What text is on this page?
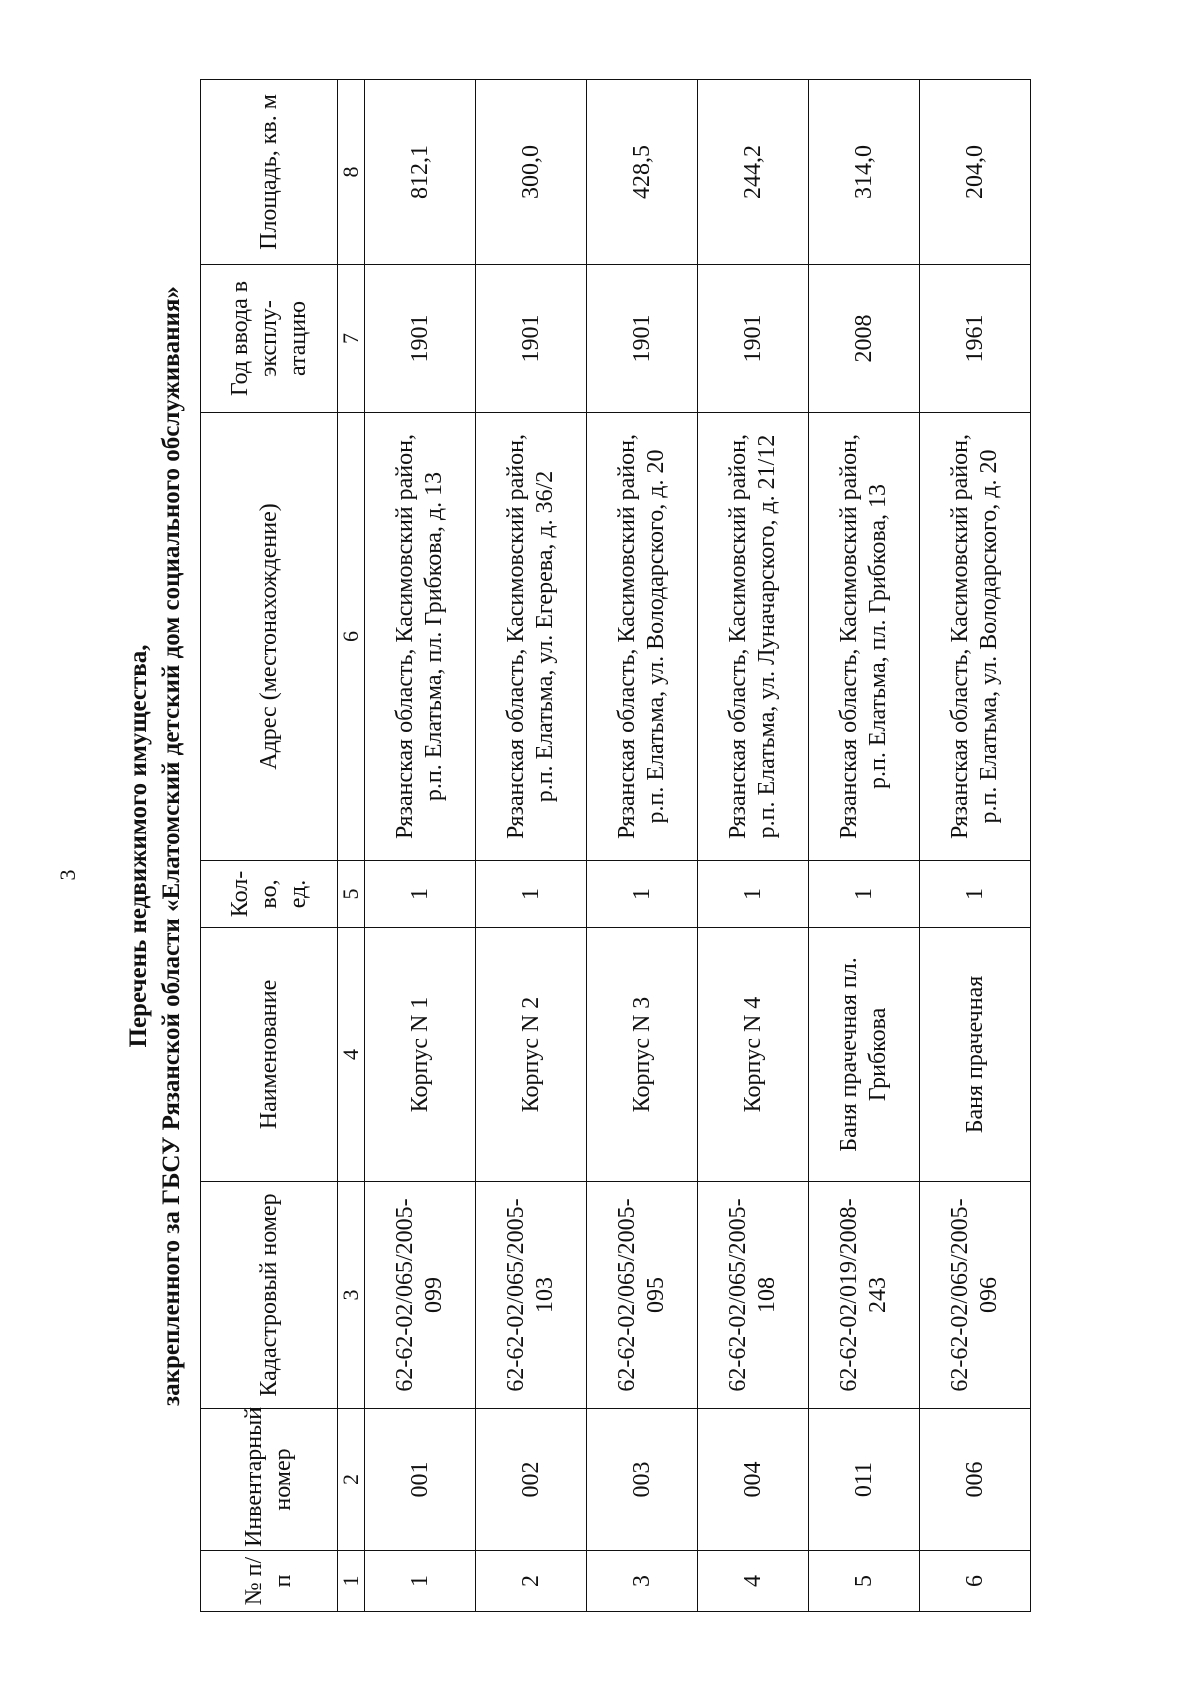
3 Перечень недвижимого имущества, закрепленного за ГБСУ Рязанской области «Елатомский детский дом социального обслуживания»
№ п/п	Инвентарный номер	Кадастровый номер	Наименование	Кол-во, ед.	Адрес (местонахождение)	Год ввода в эксплу-атацию	Площадь, кв. м
1	2	3	4	5	6	7	8
1	001	62-62-02/065/2005-099	Корпус N 1	1	Рязанская область, Касимовский район, р.п. Елатьма, пл. Грибкова, д. 13	1901	812,1
2	002	62-62-02/065/2005-103	Корпус N 2	1	Рязанская область, Касимовский район, р.п. Елатьма, ул. Егерева, д. 36/2	1901	300,0
3	003	62-62-02/065/2005-095	Корпус N 3	1	Рязанская область, Касимовский район, р.п. Елатьма, ул. Володарского, д. 20	1901	428,5
4	004	62-62-02/065/2005-108	Корпус N 4	1	Рязанская область, Касимовский район, р.п. Елатьма, ул. Луначарского, д. 21/12	1901	244,2
5	011	62-62-02/019/2008-243	Баня прачечная пл. Грибкова	1	Рязанская область, Касимовский район, р.п. Елатьма, пл. Грибкова, 13	2008	314,0
6	006	62-62-02/065/2005-096	Баня прачечная	1	Рязанская область, Касимовский район, р.п. Елатьма, ул. Володарского, д. 20	1961	204,0
